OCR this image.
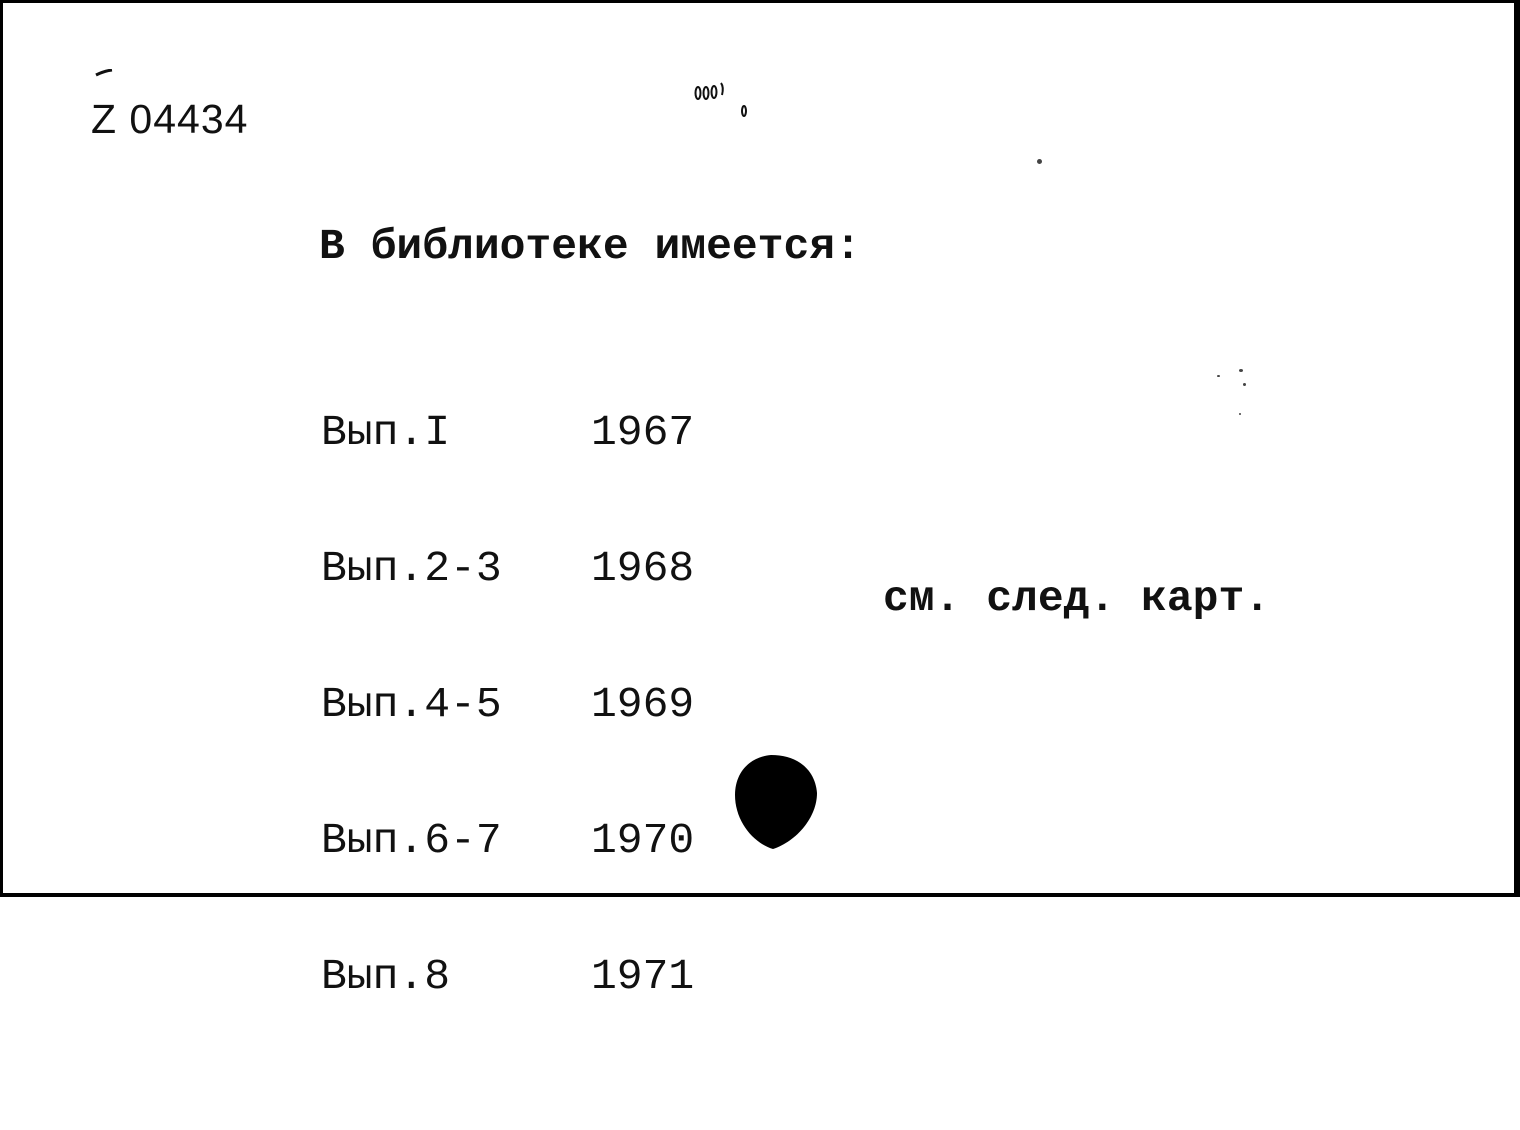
Z 04434
В библиотеке имеется:

Вып.I

	1967

Вып.2-3

1968

Вып.4-5

1969

Вып.6-7

1970

Вып.8

	1971

см. след. карт.
